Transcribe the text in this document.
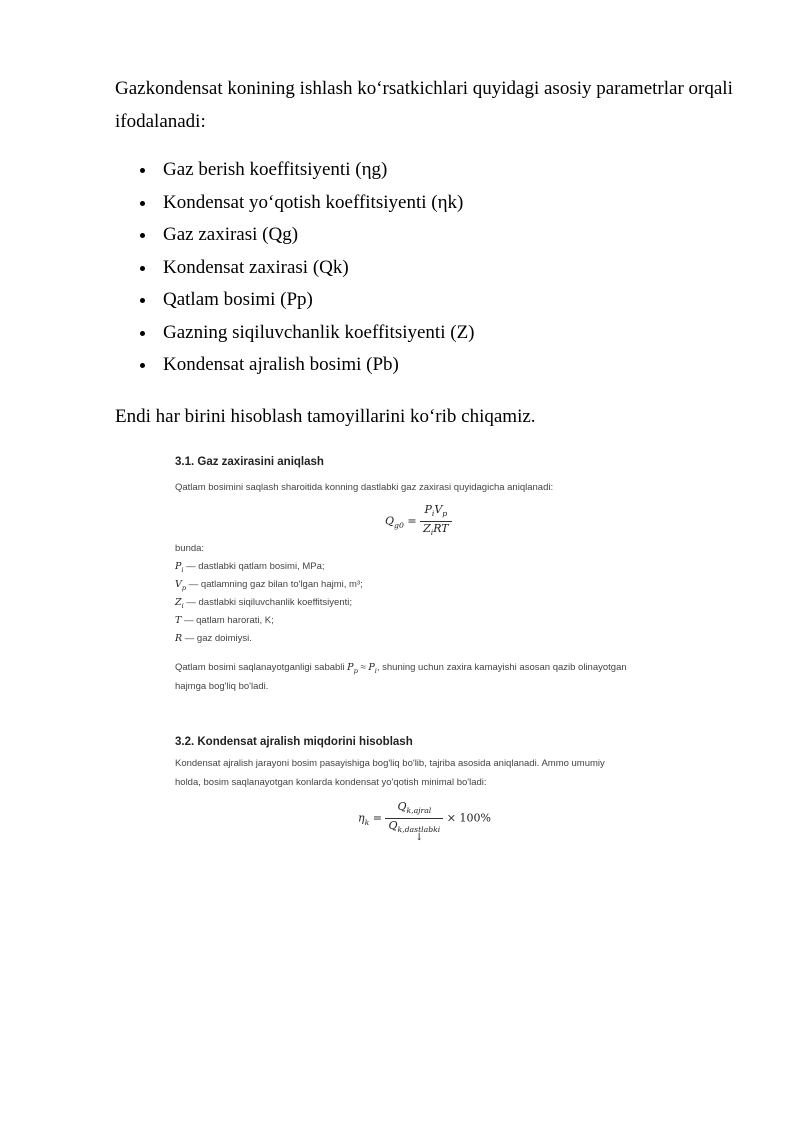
Gazkondensat konining ishlash ko‘rsatkichlari quyidagi asosiy parametrlar orqali ifodalanadi:

Gaz berish koeffitsiyenti (ηg)
Kondensat yo‘qotish koeffitsiyenti (ηk)
Gaz zaxirasi (Qg)
Kondensat zaxirasi (Qk)
Qatlam bosimi (Pp)
Gazning siqiluvchanlik koeffitsiyenti (Z)
Kondensat ajralish bosimi (Pb)

Endi har birini hisoblash tamoyillarini ko‘rib chiqamiz.

3.1. Gaz zaxirasini aniqlash
Qatlam bosimini saqlash sharoitida konning dastlabki gaz zaxirasi quyidagicha aniqlanadi:
$Q_{g0} = \frac{P_iV_p}{Z_iRT}$
bunda:
$P_i$ — dastlabki qatlam bosimi, MPa;
$V_p$ — qatlamning gaz bilan to'lgan hajmi, m³;
$Z_i$ — dastlabki siqiluvchanlik koeffitsiyenti;
T — qatlam harorati, K;
R — gaz doimiysi.
Qatlam bosimi saqlanayotganligi sababli $P_p \approx P_i$, shuning uchun zaxira kamayishi asosan qazib olinayotgan
hajmga bog'liq bo'ladi.
3.2. Kondensat ajralish miqdorini hisoblash
Kondensat ajralish jarayoni bosim pasayishiga bog'liq bo'lib, tajriba asosida aniqlanadi. Ammo umumiy
holda, bosim saqlanayotgan konlarda kondensat yo'qotish minimal bo'ladi:
$\eta_k = \frac{Q_{k,ajral}}{Q_{k,dastlabki}} \times 100\%$
↓
